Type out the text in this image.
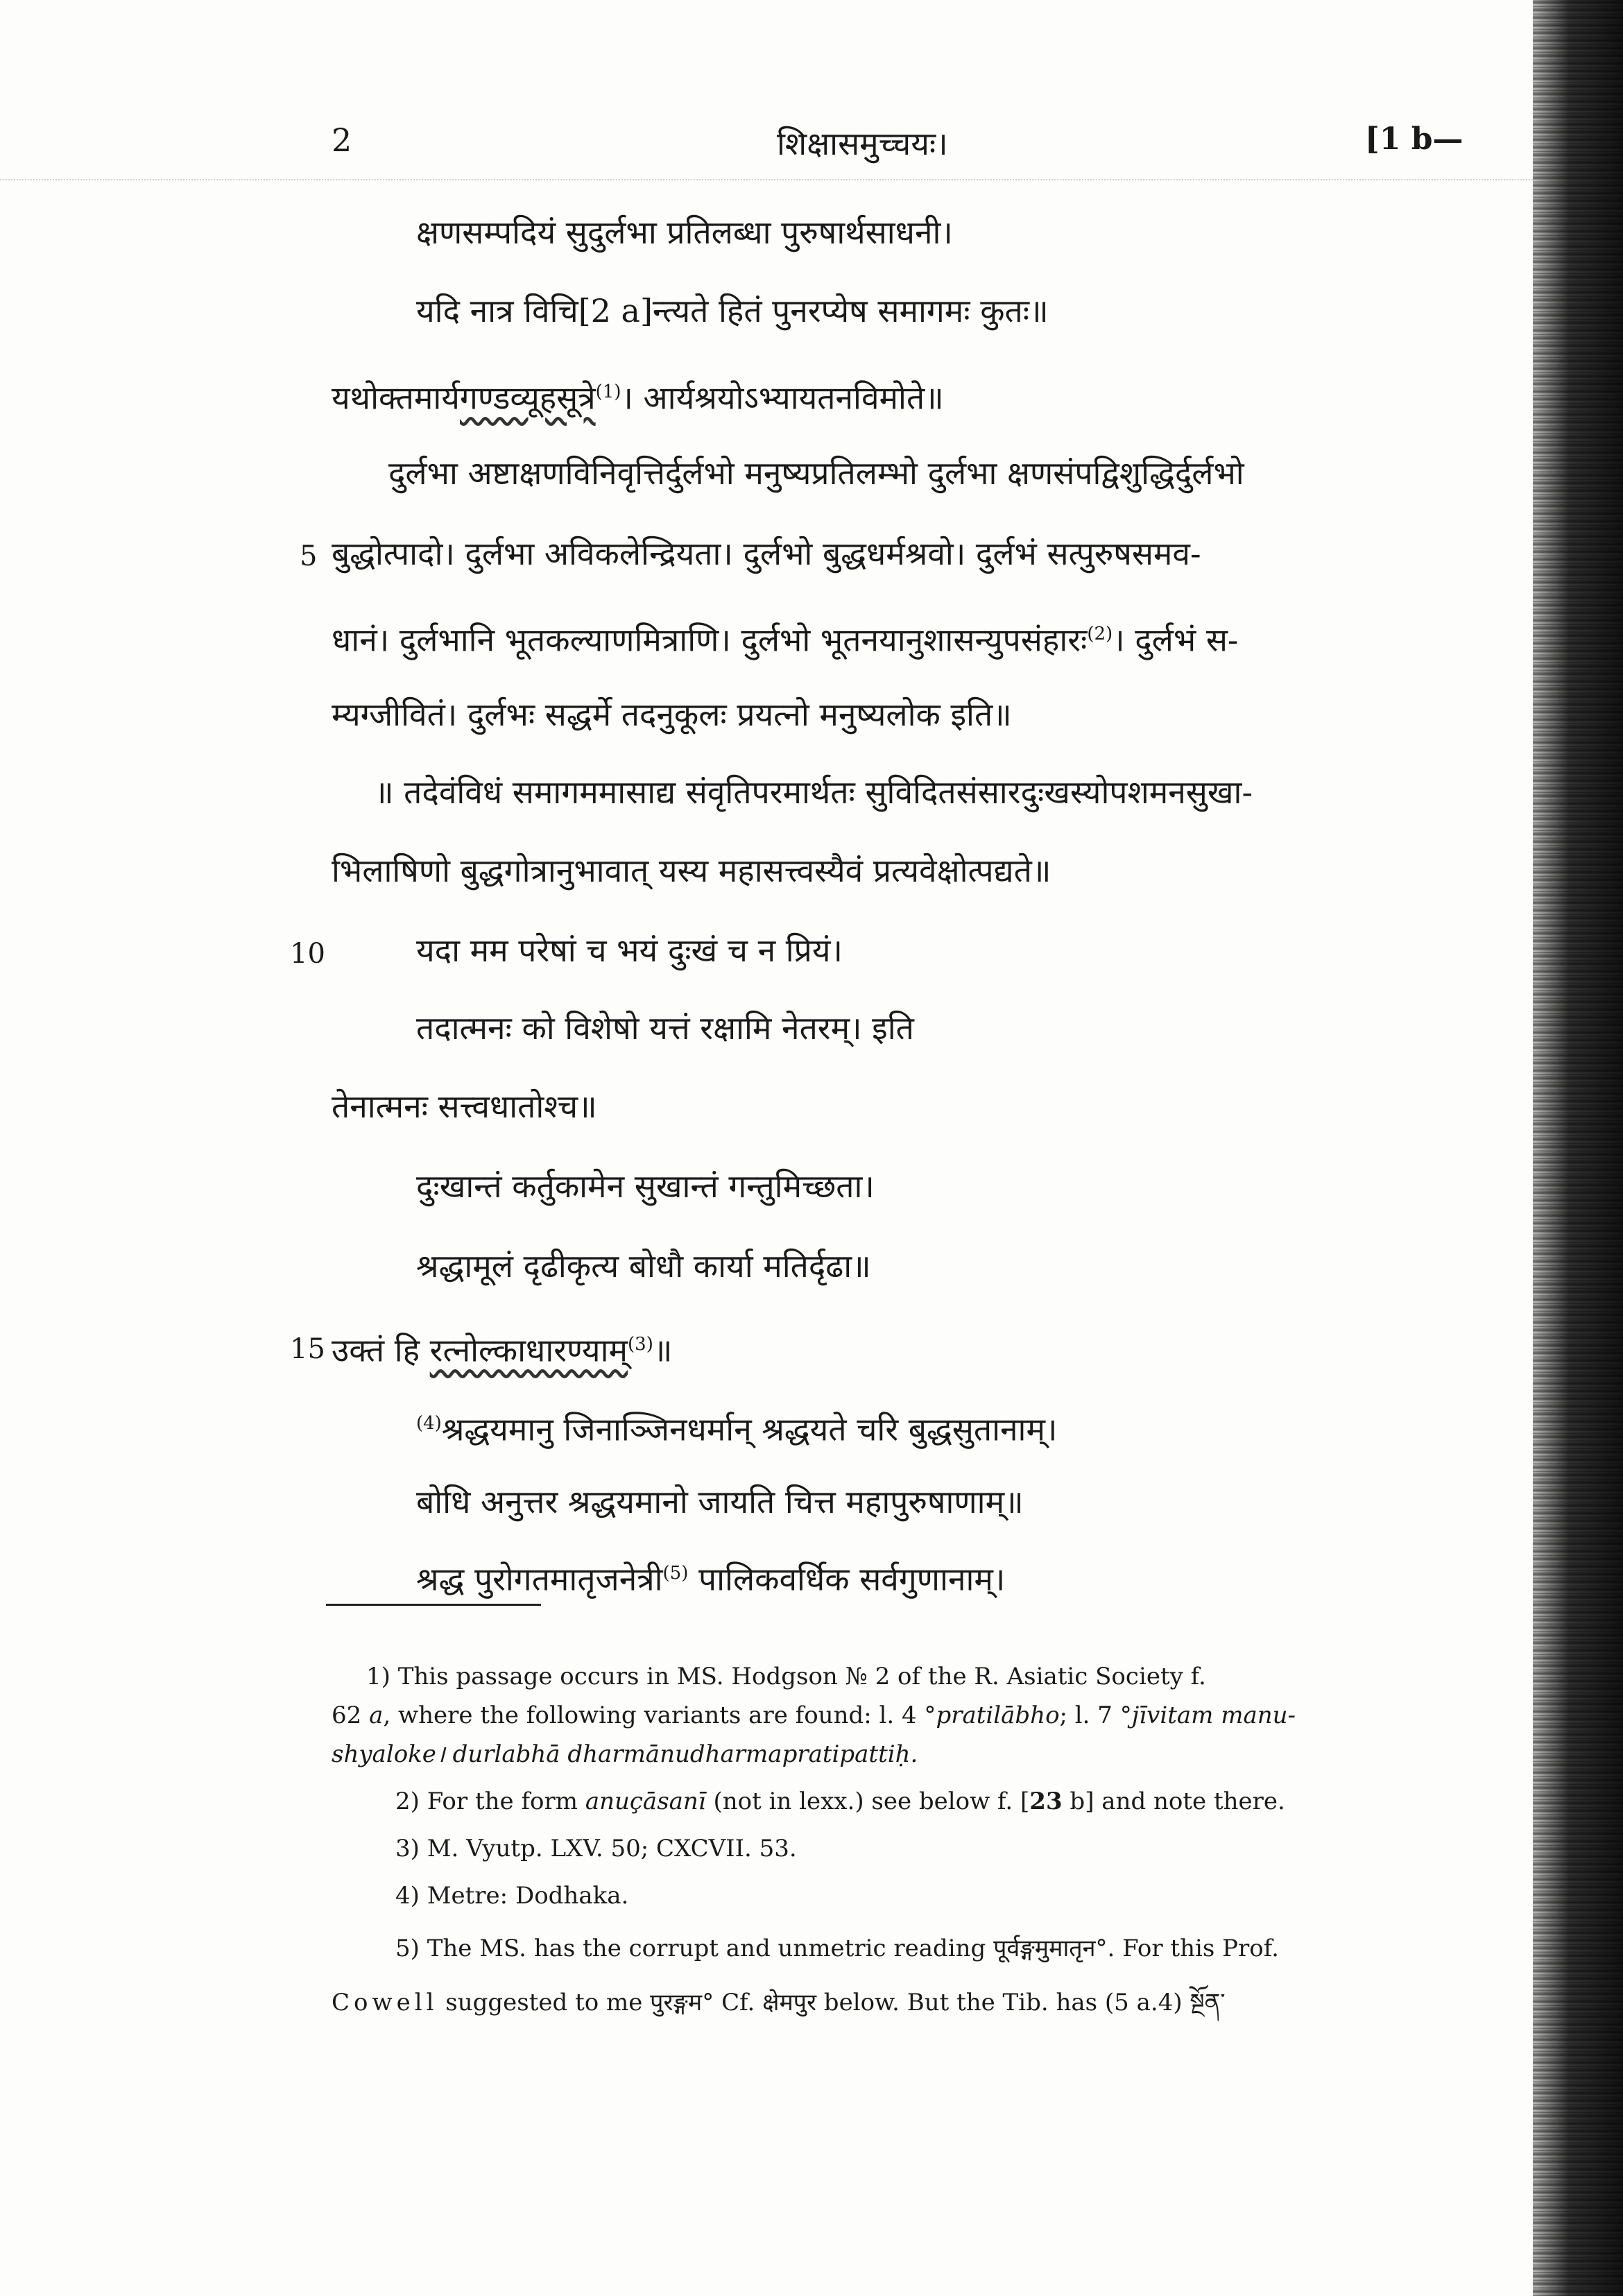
2	शिक्षासमुच्चयः।	[1 b—
क्षणसम्पदियं सुदुर्लभा प्रतिलब्धा पुरुषार्थसाधनी।
यदि नात्र विचि[2 a]न्त्यते हितं पुनरप्येष समागमः कुतः॥
यथोक्तमार्यगण्डव्यूहसूत्रे$^{(1)}$। आर्यश्रयोऽभ्यायतनविमोते॥
दुर्लभा अष्टाक्षणविनिवृत्तिर्दुर्लभो मनुष्यप्रतिलम्भो दुर्लभा क्षणसंपद्विशुद्धिर्दुर्लभो
5 बुद्धोत्पादो। दुर्लभा अविकलेन्द्रियता। दुर्लभो बुद्धधर्मश्रवो। दुर्लभं सत्पुरुषसमव-
धानं। दुर्लभानि भूतकल्याणमित्राणि। दुर्लभो भूतनयानुशासन्युपसंहारः$^{(2)}$। दुर्लभं स-
म्यग्जीवितं। दुर्लभः सद्धर्मे तदनुकूलः प्रयत्नो मनुष्यलोक इति॥
॥ तदेवंविधं समागममासाद्य संवृतिपरमार्थतः सुविदितसंसारदुःखस्योपशमनसुखा-
भिलाषिणो बुद्धगोत्रानुभावात् यस्य महासत्त्वस्यैवं प्रत्यवेक्षोत्पद्यते॥
10	यदा मम परेषां च भयं दुःखं च न प्रियं।
तदात्मनः को विशेषो यत्तं रक्षामि नेतरम्। इति
तेनात्मनः सत्त्वधातोश्च॥
दुःखान्तं कर्तुकामेन सुखान्तं गन्तुमिच्छता।
श्रद्धामूलं दृढीकृत्य बोधौ कार्या मतिर्दृढा॥
15 उक्तं हि रत्नोल्काधारण्याम्$^{(3)}$॥
$^{(4)}$श्रद्धयमानु जिनाञ्जिनधर्मान् श्रद्धयते चरि बुद्धसुतानाम्।
बोधि अनुत्तर श्रद्धयमानो जायति चित्त महापुरुषाणाम्॥
श्रद्ध पुरोगतमातृजनेत्री$^{(5)}$ पालिकवर्धिक सर्वगुणानाम्।
1) This passage occurs in MS. Hodgson № 2 of the R. Asiatic Society f.
62 a, where the following variants are found: l. 4 °pratilābho; l. 7 °jīvitam manu-
shyaloke। durlabhā dharmānudharmapratipattiḥ.
2) For the form anuçāsanī (not in lexx.) see below f. [23 b] and note there.
3) M. Vyutp. LXV. 50; CXCVII. 53.
4) Metre: Dodhaka.
5) The MS. has the corrupt and unmetric reading पूर्वङ्गमुमातृन°. For this Prof.
Cowell suggested to me पुरङ्गम° Cf. क्षेमपुर below. But the Tib. has (5 a.4) སྔོན་
